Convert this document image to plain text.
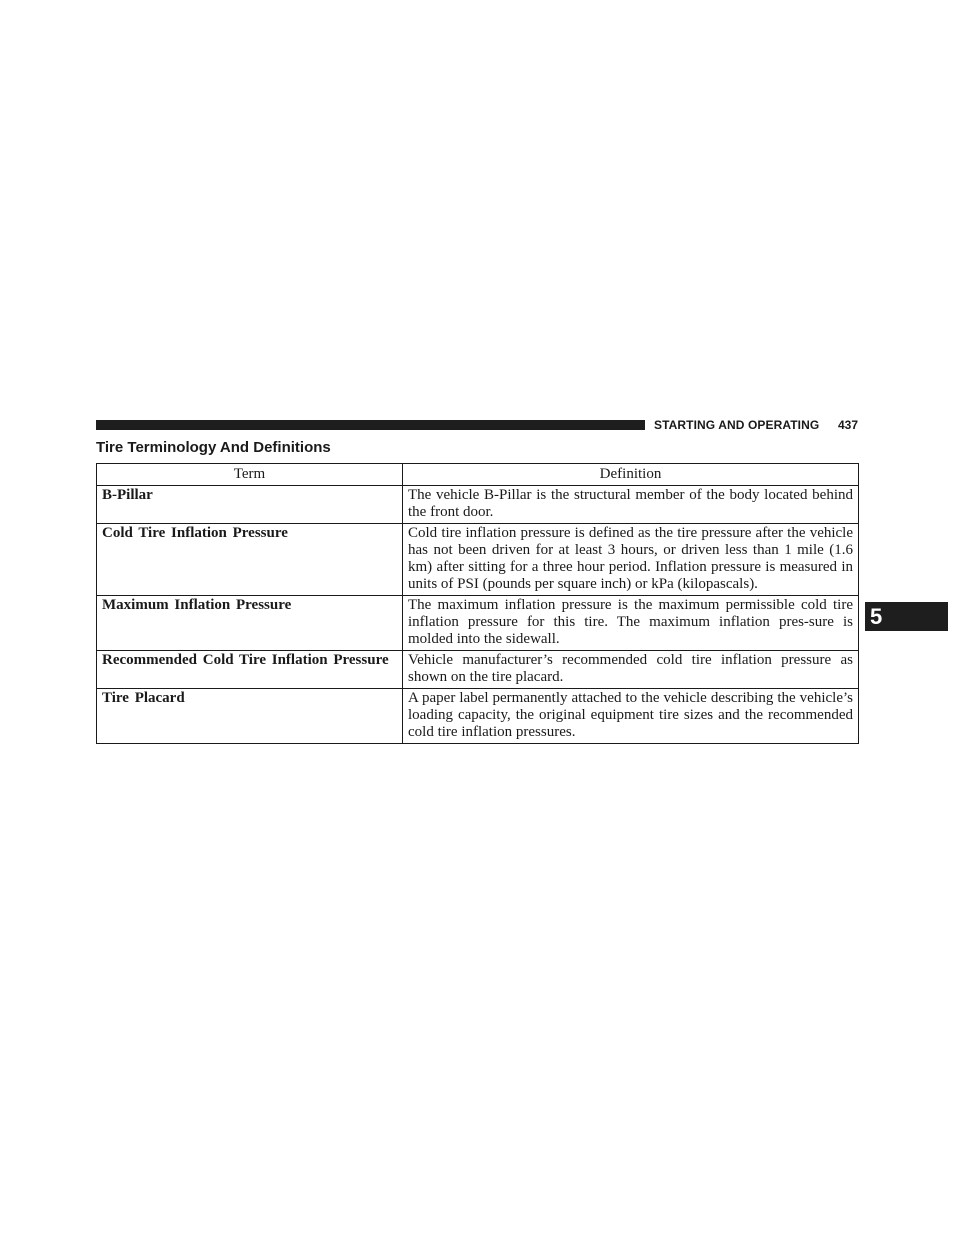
STARTING AND OPERATING 437
Tire Terminology And Definitions
Term	Definition
B-Pillar	The vehicle B-Pillar is the structural member of the body located behind the front door.
Cold Tire Inflation Pressure	Cold tire inflation pressure is defined as the tire pressure after the vehicle has not been driven for at least 3 hours, or driven less than 1 mile (1.6 km) after sitting for a three hour period. Inflation pressure is measured in units of PSI (pounds per square inch) or kPa (kilopascals).
Maximum Inflation Pressure	The maximum inflation pressure is the maximum permissible cold tire inflation pressure for this tire. The maximum inflation pres-sure is molded into the sidewall.
Recommended Cold Tire Inflation Pressure	Vehicle manufacturer’s recommended cold tire inflation pressure as shown on the tire placard.
Tire Placard	A paper label permanently attached to the vehicle describing the vehicle’s loading capacity, the original equipment tire sizes and the recommended cold tire inflation pressures.
5
